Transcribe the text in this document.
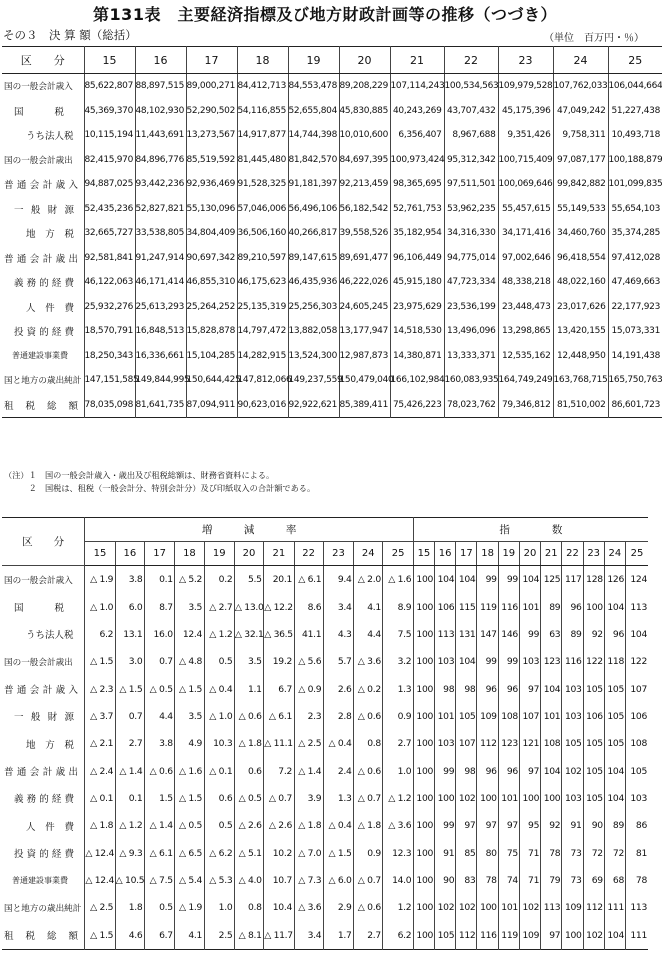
第131表　主要経済指標及び地方財政計画等の推移（つづき）
その３　決 算 額（総括）	（単位　百万円・％）
区　　分	15	16	17	18	19	20	21	22	23	24	25

国の一般会計歳入	85,622,807	88,897,515	89,000,271	84,412,713	84,553,478	89,208,229	107,114,243	100,534,563	109,979,528	107,762,033	106,044,664

国　　税	45,369,370	48,102,930	52,290,502	54,116,855	52,655,804	45,830,885	40,243,269	43,707,432	45,175,396	47,049,242	51,227,438

うち法人税	10,115,194	11,443,691	13,273,567	14,917,877	14,744,398	10,010,600	6,356,407	8,967,688	9,351,426	9,758,311	10,493,718

国の一般会計歳出	82,415,970	84,896,776	85,519,592	81,445,480	81,842,570	84,697,395	100,973,424	95,312,342	100,715,409	97,087,177	100,188,879

普通会計歳入	94,887,025	93,442,236	92,936,469	91,528,325	91,181,397	92,213,459	98,365,695	97,511,501	100,069,646	99,842,882	101,099,835

一般財源	52,435,236	52,827,821	55,130,096	57,046,006	56,496,106	56,182,542	52,761,753	53,962,235	55,457,615	55,149,533	55,654,103

地方税	32,665,727	33,538,805	34,804,409	36,506,160	40,266,817	39,558,526	35,182,954	34,316,330	34,171,416	34,460,760	35,374,285

普通会計歳出	92,581,841	91,247,914	90,697,342	89,210,597	89,147,615	89,691,477	96,106,449	94,775,014	97,002,646	96,418,554	97,412,028

義務的経費	46,122,063	46,171,414	46,855,310	46,175,623	46,435,936	46,222,026	45,915,180	47,723,334	48,338,218	48,022,160	47,469,663

人件費	25,932,276	25,613,293	25,264,252	25,135,319	25,256,303	24,605,245	23,975,629	23,536,199	23,448,473	23,017,626	22,177,923

投資的経費	18,570,791	16,848,513	15,828,878	14,797,472	13,882,058	13,177,947	14,518,530	13,496,096	13,298,865	13,420,155	15,073,331

普通建設事業費	18,250,343	16,336,661	15,104,285	14,282,915	13,524,300	12,987,873	14,380,871	13,333,371	12,535,162	12,448,950	14,191,438

国と地方の歳出純計	147,151,585	149,844,995	150,644,425	147,812,066	149,237,559	150,479,040	166,102,984	160,083,935	164,749,249	163,768,715	165,750,763

租税総額	78,035,098	81,641,735	87,094,911	90,623,016	92,922,621	85,389,411	75,426,223	78,023,762	79,346,812	81,510,002	86,601,723
（注）１　国の一般会計歳入・歳出及び租税総額は、財務省資料による。
　　　２　国税は、租税（一般会計分、特別会計分）及び印紙収入の合計額である。
区　　分	増　　　減　　　率											指　　　　数										
	15	16	17	18	19	20	21	22	23	24	25	15	16	17	18	19	20	21	22	23	24	25

国の一般会計歳入	△ 1.9	3.8	0.1	△ 5.2	0.2	5.5	20.1	△ 6.1	9.4	△ 2.0	△ 1.6	100	104	104	99	99	104	125	117	128	126	124

国　　税	△ 1.0	6.0	8.7	3.5	△ 2.7	△ 13.0	△ 12.2	8.6	3.4	4.1	8.9	100	106	115	119	116	101	89	96	100	104	113

うち法人税	6.2	13.1	16.0	12.4	△ 1.2	△ 32.1	△ 36.5	41.1	4.3	4.4	7.5	100	113	131	147	146	99	63	89	92	96	104

国の一般会計歳出	△ 1.5	3.0	0.7	△ 4.8	0.5	3.5	19.2	△ 5.6	5.7	△ 3.6	3.2	100	103	104	99	99	103	123	116	122	118	122

普通会計歳入	△ 2.3	△ 1.5	△ 0.5	△ 1.5	△ 0.4	1.1	6.7	△ 0.9	2.6	△ 0.2	1.3	100	98	98	96	96	97	104	103	105	105	107

一般財源	△ 3.7	0.7	4.4	3.5	△ 1.0	△ 0.6	△ 6.1	2.3	2.8	△ 0.6	0.9	100	101	105	109	108	107	101	103	106	105	106

地方税	△ 2.1	2.7	3.8	4.9	10.3	△ 1.8	△ 11.1	△ 2.5	△ 0.4	0.8	2.7	100	103	107	112	123	121	108	105	105	105	108

普通会計歳出	△ 2.4	△ 1.4	△ 0.6	△ 1.6	△ 0.1	0.6	7.2	△ 1.4	2.4	△ 0.6	1.0	100	99	98	96	96	97	104	102	105	104	105

義務的経費	△ 0.1	0.1	1.5	△ 1.5	0.6	△ 0.5	△ 0.7	3.9	1.3	△ 0.7	△ 1.2	100	100	102	100	101	100	100	103	105	104	103

人件費	△ 1.8	△ 1.2	△ 1.4	△ 0.5	0.5	△ 2.6	△ 2.6	△ 1.8	△ 0.4	△ 1.8	△ 3.6	100	99	97	97	97	95	92	91	90	89	86

投資的経費	△ 12.4	△ 9.3	△ 6.1	△ 6.5	△ 6.2	△ 5.1	10.2	△ 7.0	△ 1.5	0.9	12.3	100	91	85	80	75	71	78	73	72	72	81

普通建設事業費	△ 12.4	△ 10.5	△ 7.5	△ 5.4	△ 5.3	△ 4.0	10.7	△ 7.3	△ 6.0	△ 0.7	14.0	100	90	83	78	74	71	79	73	69	68	78

国と地方の歳出純計	△ 2.5	1.8	0.5	△ 1.9	1.0	0.8	10.4	△ 3.6	2.9	△ 0.6	1.2	100	102	102	100	101	102	113	109	112	111	113

租税総額	△ 1.5	4.6	6.7	4.1	2.5	△ 8.1	△ 11.7	3.4	1.7	2.7	6.2	100	105	112	116	119	109	97	100	102	104	111
